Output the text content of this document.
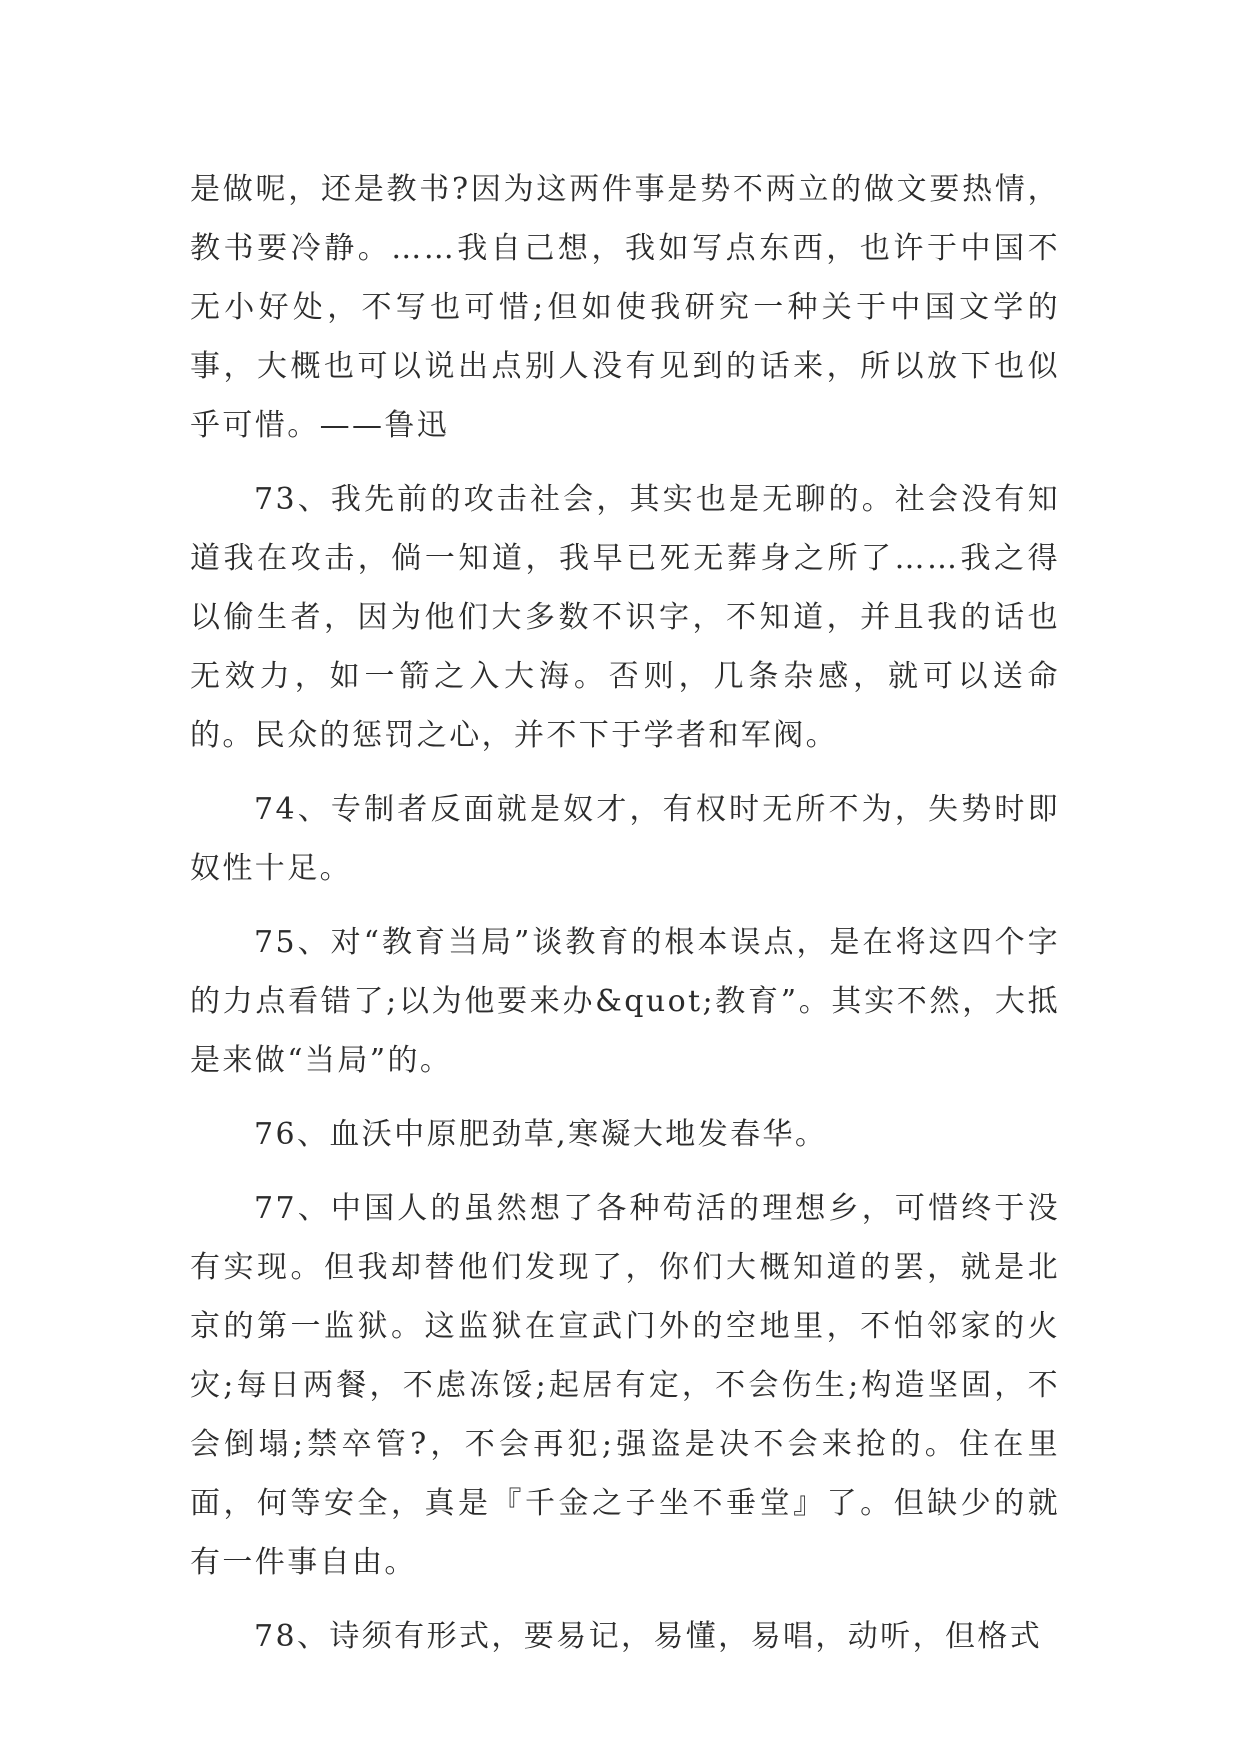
是做呢，还是教书?因为这两件事是势不两立的做文要热情，教书要冷静。……我自己想，我如写点东西，也许于中国不无小好处，不写也可惜;但如使我研究一种关于中国文学的事，大概也可以说出点别人没有见到的话来，所以放下也似乎可惜。——鲁迅

73、我先前的攻击社会，其实也是无聊的。社会没有知道我在攻击，倘一知道，我早已死无葬身之所了……我之得以偷生者，因为他们大多数不识字，不知道，并且我的话也无效力，如一箭之入大海。否则，几条杂感，就可以送命的。民众的惩罚之心，并不下于学者和军阀。

74、专制者反面就是奴才，有权时无所不为，失势时即奴性十足。

75、对“教育当局”谈教育的根本误点，是在将这四个字的力点看错了;以为他要来办&quot;教育”。其实不然，大抵是来做“当局”的。

76、血沃中原肥劲草,寒凝大地发春华。

77、中国人的虽然想了各种苟活的理想乡，可惜终于没有实现。但我却替他们发现了，你们大概知道的罢，就是北京的第一监狱。这监狱在宣武门外的空地里，不怕邻家的火灾;每日两餐，不虑冻馁;起居有定，不会伤生;构造坚固，不会倒塌;禁卒管?，不会再犯;强盗是决不会来抢的。住在里面，何等安全，真是『千金之子坐不垂堂』了。但缺少的就有一件事自由。

78、诗须有形式，要易记，易懂，易唱，动听，但格式
